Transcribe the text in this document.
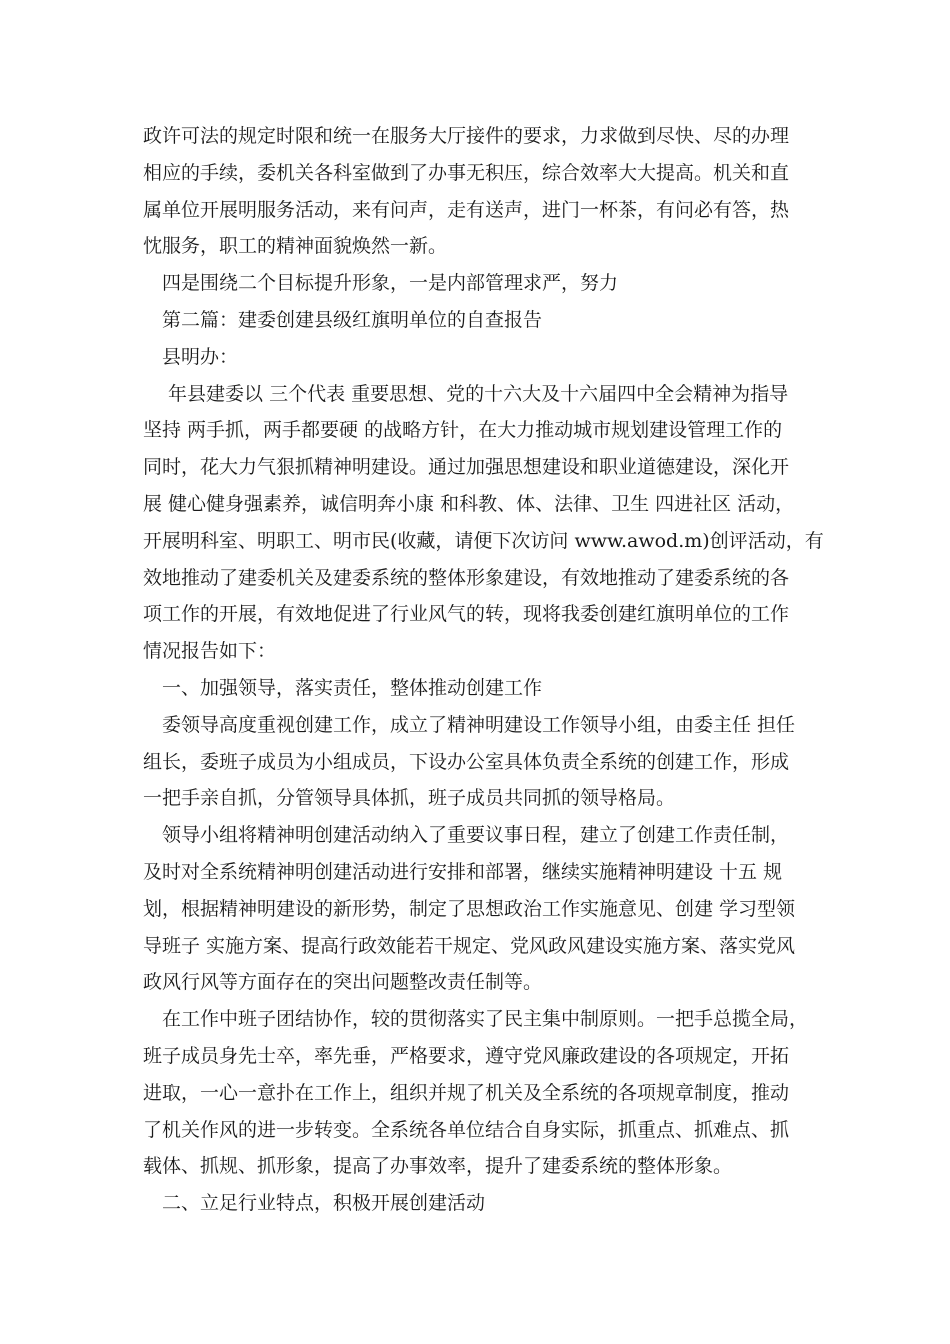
政许可法的规定时限和统一在服务大厅接件的要求，力求做到尽快、尽的办理
相应的手续，委机关各科室做到了办事无积压，综合效率大大提高。机关和直
属单位开展明服务活动，来有问声，走有送声，进门一杯茶，有问必有答，热
忱服务，职工的精神面貌焕然一新。
　四是围绕二个目标提升形象，一是内部管理求严，努力
　第二篇：建委创建县级红旗明单位的自查报告
　县明办：
　 年县建委以 三个代表 重要思想、党的十六大及十六届四中全会精神为指导
坚持 两手抓，两手都要硬 的战略方针，在大力推动城市规划建设管理工作的
同时，花大力气狠抓精神明建设。通过加强思想建设和职业道德建设，深化开
展 健心健身强素养，诚信明奔小康 和科教、体、法律、卫生 四进社区 活动，
开展明科室、明职工、明市民(收藏，请便下次访问 www.awod.m)创评活动，有
效地推动了建委机关及建委系统的整体形象建设，有效地推动了建委系统的各
项工作的开展，有效地促进了行业风气的转，现将我委创建红旗明单位的工作
情况报告如下：
　一、加强领导，落实责任，整体推动创建工作
　委领导高度重视创建工作，成立了精神明建设工作领导小组，由委主任 担任
组长，委班子成员为小组成员，下设办公室具体负责全系统的创建工作，形成
一把手亲自抓，分管领导具体抓，班子成员共同抓的领导格局。
　领导小组将精神明创建活动纳入了重要议事日程，建立了创建工作责任制，
及时对全系统精神明创建活动进行安排和部署，继续实施精神明建设 十五 规
划，根据精神明建设的新形势，制定了思想政治工作实施意见、创建 学习型领
导班子 实施方案、提高行政效能若干规定、党风政风建设实施方案、落实党风
政风行风等方面存在的突出问题整改责任制等。
　在工作中班子团结协作，较的贯彻落实了民主集中制原则。一把手总揽全局，
班子成员身先士卒，率先垂，严格要求，遵守党风廉政建设的各项规定，开拓
进取，一心一意扑在工作上，组织并规了机关及全系统的各项规章制度，推动
了机关作风的进一步转变。全系统各单位结合自身实际，抓重点、抓难点、抓
载体、抓规、抓形象，提高了办事效率，提升了建委系统的整体形象。
　二、立足行业特点，积极开展创建活动
